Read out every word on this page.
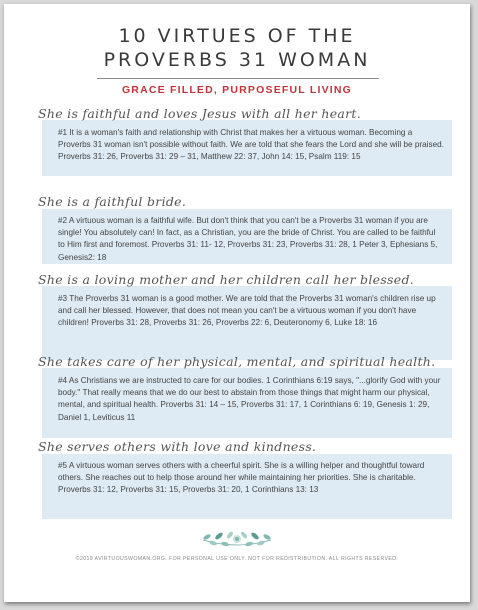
10 VIRTUES OF THE
PROVERBS 31 WOMAN
GRACE FILLED, PURPOSEFUL LIVING
She is faithful and loves Jesus with all her heart.
#1 It is a woman's faith and relationship with Christ that makes her a virtuous woman. Becoming a Proverbs 31 woman isn't possible without faith. We are told that she fears the Lord and she will be praised. Proverbs 31: 26, Proverbs 31: 29 – 31, Matthew 22: 37, John 14: 15, Psalm 119: 15
She is a faithful bride.
#2 A virtuous woman is a faithful wife. But don't think that you can't be a Proverbs 31 woman if you are single! You absolutely can! In fact, as a Christian, you are the bride of Christ. You are called to be faithful to Him first and foremost. Proverbs 31: 11- 12, Proverbs 31: 23, Proverbs 31: 28, 1 Peter 3, Ephesians 5, Genesis2: 18
She is a loving mother and her children call her blessed.
#3 The Proverbs 31 woman is a good mother. We are told that the Proverbs 31 woman's children rise up and call her blessed. However, that does not mean you can't be a virtuous woman if you don't have children! Proverbs 31: 28, Proverbs 31: 26, Proverbs 22: 6, Deuteronomy 6, Luke 18: 16
She takes care of her physical, mental, and spiritual health.
#4 As Christians we are instructed to care for our bodies. 1 Corinthians 6:19 says, "...glorify God with your body." That really means that we do our best to abstain from those things that might harm our physical, mental, and spiritual health. Proverbs 31: 14 – 15, Proverbs 31: 17, 1 Corinthians 6: 19, Genesis 1: 29, Daniel 1, Leviticus 11
She serves others with love and kindness.
#5 A virtuous woman serves others with a cheerful spirit. She is a willing helper and thoughtful toward others. She reaches out to help those around her while maintaining her priorities. She is charitable. Proverbs 31: 12, Proverbs 31: 15, Proverbs 31: 20, 1 Corinthians 13: 13
©2019 AVIRTUOUSWOMAN.ORG. FOR PERSONAL USE ONLY. NOT FOR REDISTRIBUTION. ALL RIGHTS RESERVED.
